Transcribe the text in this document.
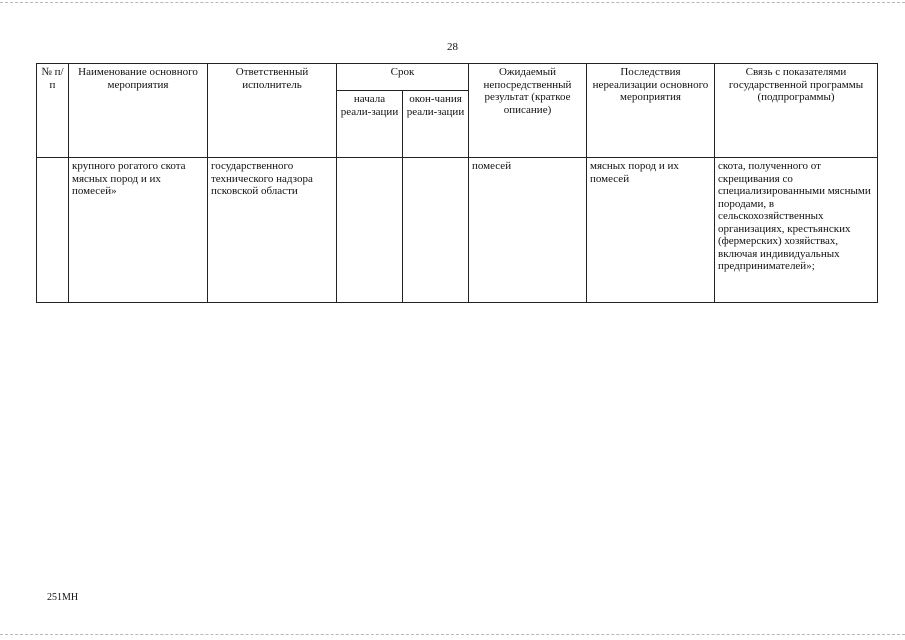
28
№ п/п	Наименование основного мероприятия	Ответственный исполнитель	Срок		Ожидаемый непосредственный результат (краткое описание)	Последствия нереализации основного мероприятия	Связь с показателями государственной программы (подпрограммы)
			начала реали-зации	окон-чания реали-зации			
	крупного рогатого скота мясных пород и их помесей»	государственного технического надзора псковской области			помесей	мясных пород и их помесей	скота, полученного от скрещивания со специализированными мясными породами, в сельскохозяйственных организациях, крестьянских (фермерских) хозяйствах, включая индивидуальных предпринимателей»;
251МН
